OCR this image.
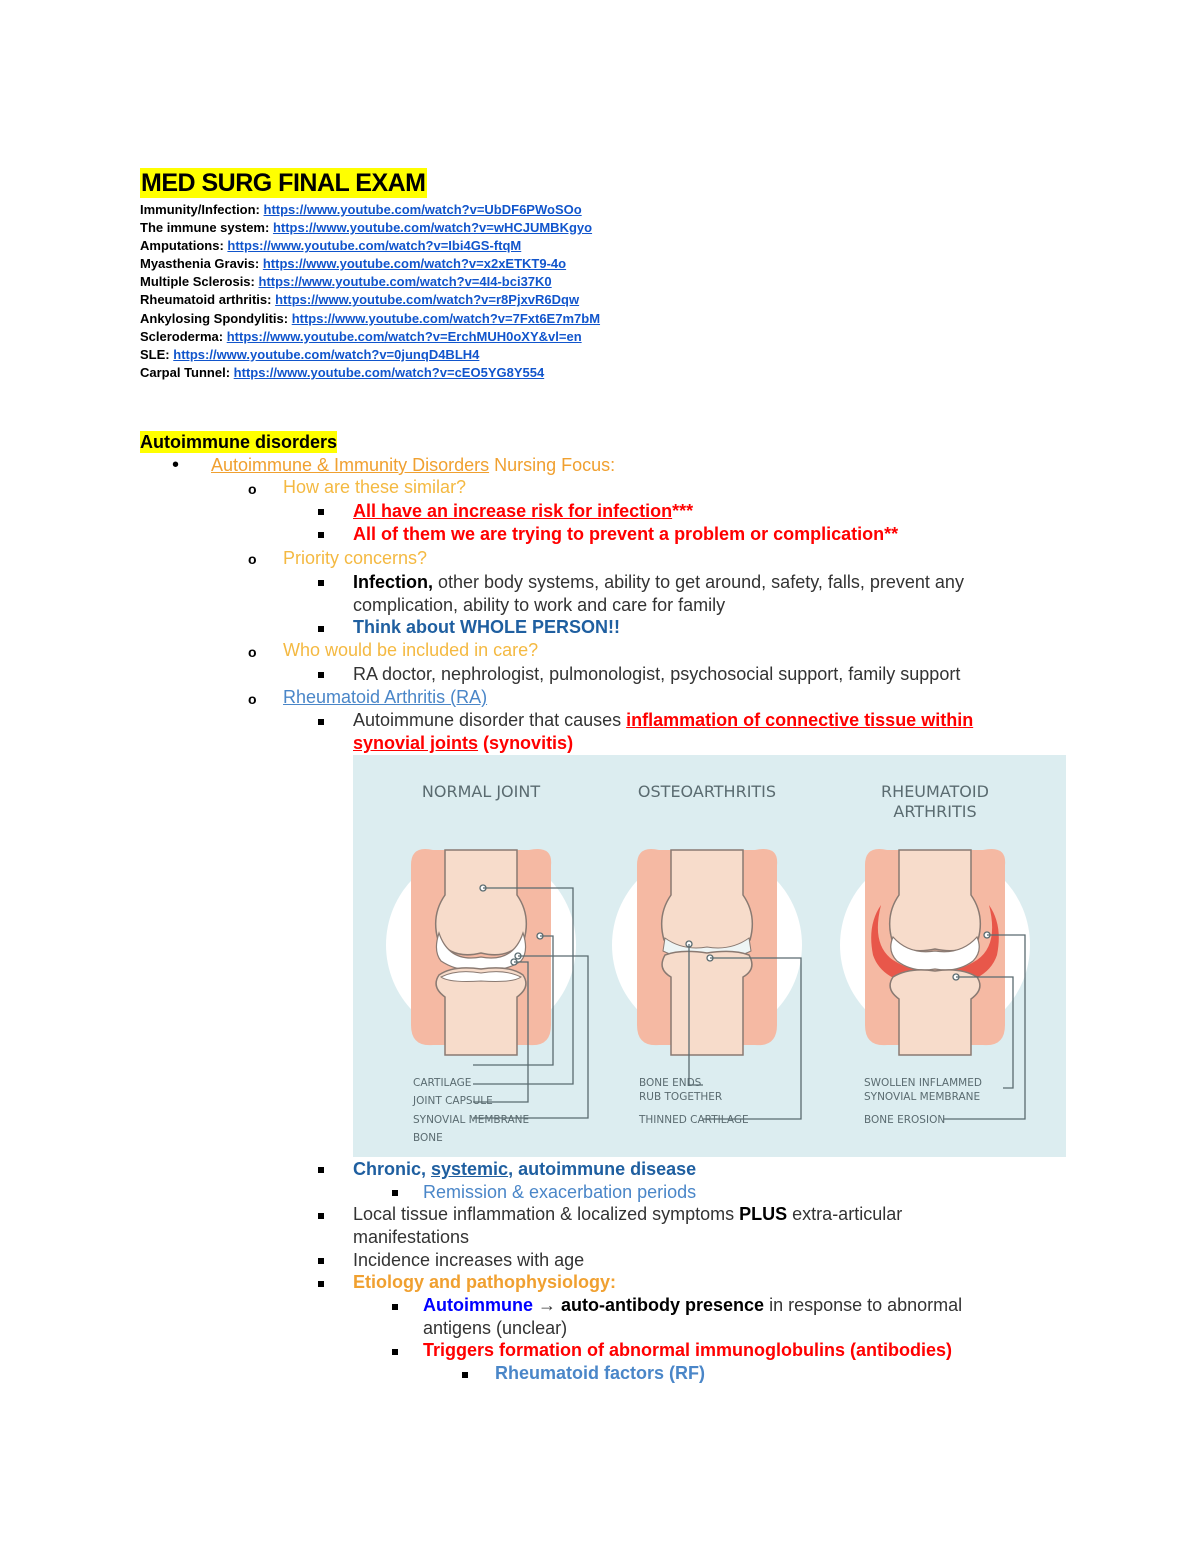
MED SURG FINAL EXAM
Immunity/Infection: https://www.youtube.com/watch?v=UbDF6PWoSOo
The immune system: https://www.youtube.com/watch?v=wHCJUMBKgyo
Amputations: https://www.youtube.com/watch?v=Ibi4GS-ftqM
Myasthenia Gravis: https://www.youtube.com/watch?v=x2xETKT9-4o
Multiple Sclerosis: https://www.youtube.com/watch?v=4I4-bci37K0
Rheumatoid arthritis: https://www.youtube.com/watch?v=r8PjxvR6Dqw
Ankylosing Spondylitis: https://www.youtube.com/watch?v=7Fxt6E7m7bM
Scleroderma: https://www.youtube.com/watch?v=ErchMUH0oXY&vl=en
SLE: https://www.youtube.com/watch?v=0junqD4BLH4
Carpal Tunnel: https://www.youtube.com/watch?v=cEO5YG8Y554
Autoimmune disorders
• Autoimmune & Immunity Disorders Nursing Focus:
o How are these similar?
All have an increase risk for infection***
All of them we are trying to prevent a problem or complication**
o Priority concerns?
Infection, other body systems, ability to get around, safety, falls, prevent any
complication, ability to work and care for family
Think about WHOLE PERSON!!
o Who would be included in care?
RA doctor, nephrologist, pulmonologist, psychosocial support, family support
o Rheumatoid Arthritis (RA)
Autoimmune disorder that causes inflammation of connective tissue within
synovial joints (synovitis)
NORMAL JOINT	OSTEOARTHRITIS	RHEUMATOID
ARTHRITIS
CARTILAGE
JOINT CAPSULE
SYNOVIAL MEMBRANE
BONE
BONE ENDS
RUB TOGETHER
THINNED CARTILAGE
SWOLLEN INFLAMMED
SYNOVIAL MEMBRANE
BONE EROSION
Chronic, systemic, autoimmune disease
Remission & exacerbation periods
Local tissue inflammation & localized symptoms PLUS extra-articular
manifestations
Incidence increases with age
Etiology and pathophysiology:
Autoimmune → auto-antibody presence in response to abnormal
antigens (unclear)
Triggers formation of abnormal immunoglobulins (antibodies)
Rheumatoid factors (RF)
